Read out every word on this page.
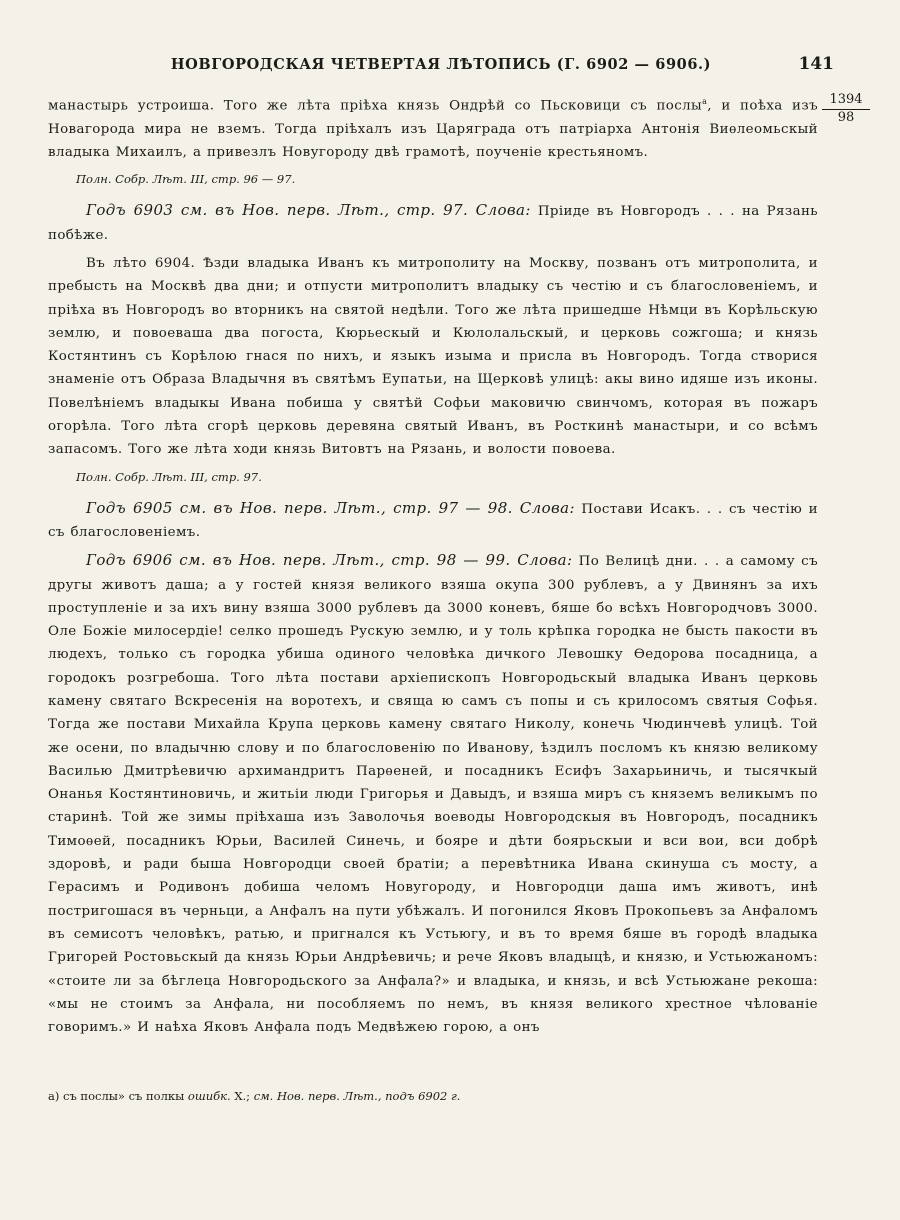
НОВГОРОДСКАЯ ЧЕТВЕРТАЯ ЛѢТОПИСЬ (Г. 6902 — 6906.)	141
1394
98

манастырь устроиша. Того же лѣта прiѣха князь Ондрѣй со Пьсковици съ послы$^а$, и поѣха изъ Новагорода мира не вземъ. Тогда прiѣхалъ изъ Царяграда отъ патрiарха Антонiя Виѳлеомьскый владыка Михаилъ, а привезлъ Новугороду двѣ грамотѣ, поученiе крестьяномъ.

Полн. Собр. Лѣт. III, стр. 96 — 97.

Годъ 6903 см. въ Нов. перв. Лѣт., стр. 97. Слова: Прiиде въ Новгородъ . . . на Рязань побѣже.

Въ лѣто 6904. Ѣзди владыка Иванъ къ митрополиту на Москву, позванъ отъ митрополита, и пребысть на Москвѣ два дни; и отпусти митрополитъ владыку съ честiю и съ благословенiемъ, и прiѣха въ Новгородъ во вторникъ на святой недѣли. Того же лѣта пришедше Нѣмци въ Корѣльскую землю, и повоеваша два погоста, Кюрьескый и Кюлолальскый, и церковь сожгоша; и князь Костянтинъ съ Корѣлою гнася по нихъ, и языкъ изыма и присла въ Новгородъ. Тогда створися знаменiе отъ Образа Владычня въ святѣмъ Еупатьи, на Щерковѣ улицѣ: акы вино идяше изъ иконы. Повелѣнiемъ владыкы Ивана побиша у святѣй Софьи маковичю свинчомъ, которая въ пожаръ огорѣла. Того лѣта сгорѣ церковь деревяна святый Иванъ, въ Росткинѣ манастыри, и со всѣмъ запасомъ. Того же лѣта ходи князь Витовтъ на Рязань, и волости повоева.

Полн. Собр. Лѣт. III, стр. 97.

Годъ 6905 см. въ Нов. перв. Лѣт., стр. 97 — 98. Слова: Постави Исакъ. . . съ честiю и съ благословенiемъ.

Годъ 6906 см. въ Нов. перв. Лѣт., стр. 98 — 99. Слова: По Велицѣ дни. . . а самому съ другы животъ даша; а у гостей князя великого взяша окупа 300 рублевъ, а у Двинянъ за ихъ проступленiе и за ихъ вину взяша 3000 рублевъ да 3000 коневъ, бяше бо всѣхъ Новгородчовъ 3000. Оле Божiе милосердiе! селко прошедъ Рускую землю, и у толь крѣпка городка не бысть пакости въ людехъ, только съ городка убиша одиного человѣка дичкого Левошку Ѳедорова посадница, а городокъ розгребоша. Того лѣта постави архiепископъ Новгородьскый владыка Иванъ церковь камену святаго Вскресенiя на воротехъ, и свяща ю самъ съ попы и съ крилосомъ святыя Софья. Тогда же постави Михайла Крупа церковь камену святаго Николу, конечь Чюдинчевѣ улицѣ. Той же осени, по владычню слову и по благословенiю по Иванову, ѣздилъ посломъ къ князю великому Василью Дмитрѣевичю архимандритъ Парѳеней, и посадникъ Есифъ Захарьиничь, и тысячкый Онанья Костянтиновичь, и житьiи люди Григорья и Давыдъ, и взяша миръ съ княземъ великымъ по старинѣ. Той же зимы прiѣхаша изъ Заволочья воеводы Новгородскыя въ Новгородъ, посадникъ Тимоѳей, посадникъ Юрьи, Василей Синечь, и бояре и дѣти боярьскыи и вси вои, вси добрѣ здоровѣ, и ради быша Новгородци своей братiи; а перевѣтника Ивана скинуша съ мосту, а Герасимъ и Родивонъ добиша челомъ Новугороду, и Новгородци даша имъ животъ, инѣ постригошася въ черньци, а Анфалъ на пути убѣжалъ. И погонился Яковъ Прокопьевъ за Анфаломъ въ семисотъ человѣкъ, ратью, и пригнался къ Устьюгу, и въ то время бяше въ городѣ владыка Григорей Ростовьскый да князь Юрьи Андрѣевичь; и рече Яковъ владыцѣ, и князю, и Устьюжаномъ: «стоите ли за бѣглеца Новгородьского за Анфала?» и владыка, и князь, и всѣ Устьюжане рекоша: «мы не стоимъ за Анфала, ни пособляемъ по немъ, въ князя великого хрестное чѣлованiе говоримъ.» И наѣха Яковъ Анфала подъ Медвѣжею горою, а онъ

а) съ послы» съ полкы ошибк. Х.; см. Нов. перв. Лѣт., подъ 6902 г.
